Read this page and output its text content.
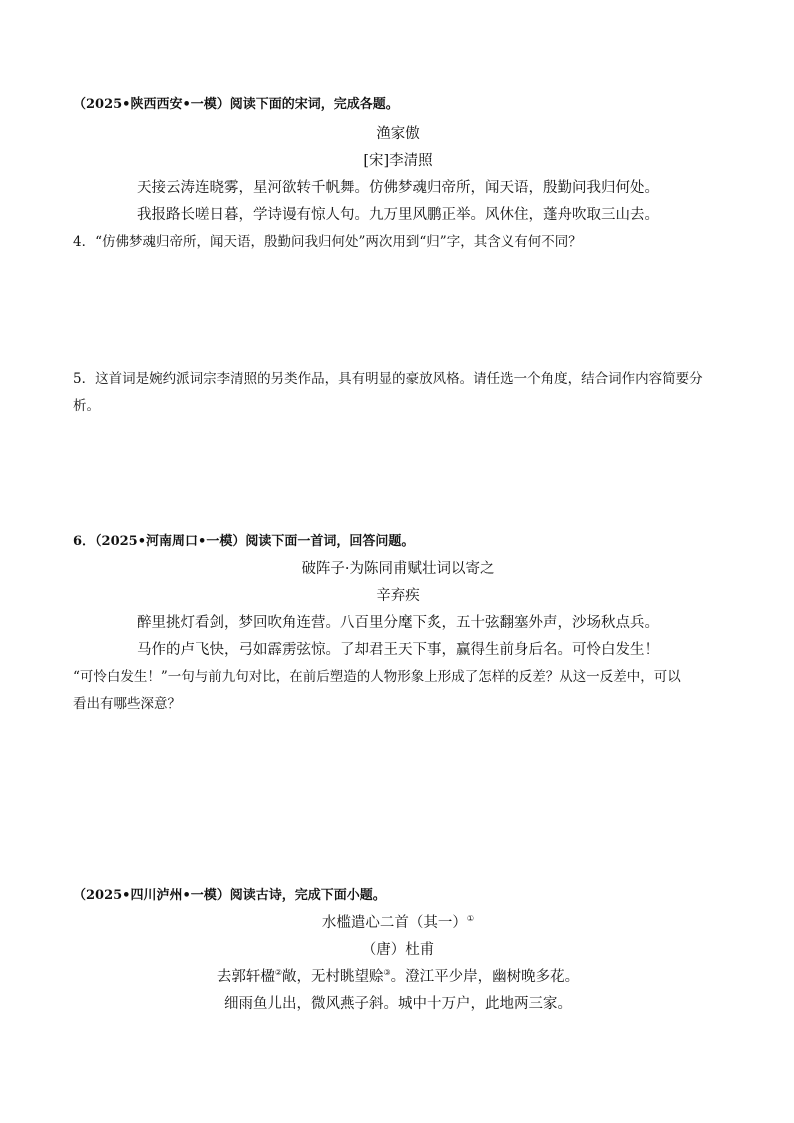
（2025•陕西西安•一模）阅读下面的宋词，完成各题。
渔家傲
[宋]李清照
天接云涛连晓雾，星河欲转千帆舞。仿佛梦魂归帝所，闻天语，殷勤问我归何处。
我报路长嗟日暮，学诗谩有惊人句。九万里风鹏正举。风休住，蓬舟吹取三山去。
4．“仿佛梦魂归帝所，闻天语，殷勤问我归何处”两次用到“归”字，其含义有何不同？
5．这首词是婉约派词宗李清照的另类作品，具有明显的豪放风格。请任选一个角度，结合词作内容简要分
析。
6．（2025•河南周口•一模）阅读下面一首词，回答问题。
破阵子·为陈同甫赋壮词以寄之
辛弃疾
醉里挑灯看剑，梦回吹角连营。八百里分麾下炙，五十弦翻塞外声，沙场秋点兵。
马作的卢飞快，弓如霹雳弦惊。了却君王天下事，赢得生前身后名。可怜白发生！
“可怜白发生！”一句与前九句对比，在前后塑造的人物形象上形成了怎样的反差？从这一反差中，可以
看出有哪些深意？
（2025•四川泸州•一模）阅读古诗，完成下面小题。
水槛遣心二首（其一）①
（唐）杜甫
去郭轩楹②敞，无村眺望赊③。澄江平少岸，幽树晚多花。
细雨鱼儿出，微风燕子斜。城中十万户，此地两三家。
